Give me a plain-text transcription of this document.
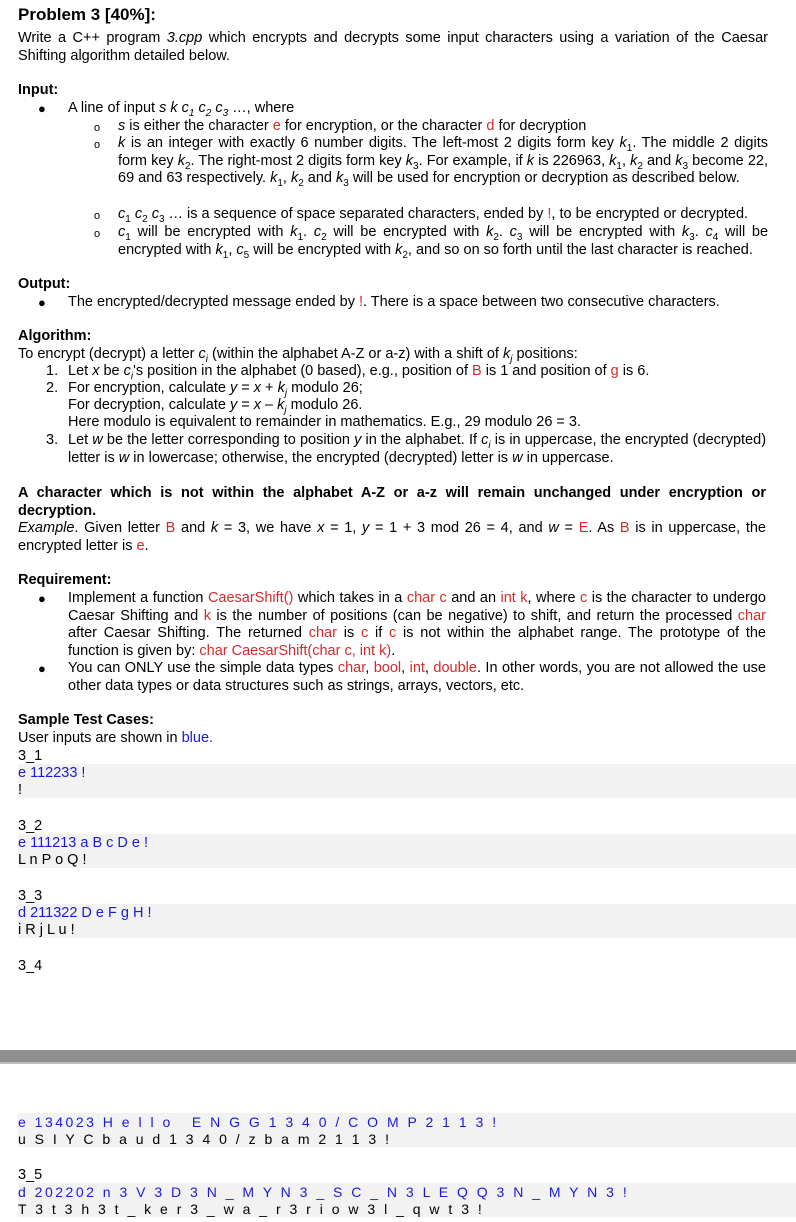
Problem 3 [40%]:
Write a C++ program 3.cpp which encrypts and decrypts some input characters using a variation of the Caesar Shifting algorithm detailed below.
Input:
● A line of input s k $c_1$ $c_2$ $c_3$ …, where
o s is either the character e for encryption, or the character d for decryption
o k is an integer with exactly 6 number digits. The left-most 2 digits form key $k_1$. The middle 2 digits form key $k_2$. The right-most 2 digits form key $k_3$. For example, if k is 226963, $k_1$, $k_2$ and $k_3$ become 22, 69 and 63 respectively. $k_1$, $k_2$ and $k_3$ will be used for encryption or decryption as described below.
o $c_1$ $c_2$ $c_3$ … is a sequence of space separated characters, ended by !, to be encrypted or decrypted.
o $c_1$ will be encrypted with $k_1$. $c_2$ will be encrypted with $k_2$. $c_3$ will be encrypted with $k_3$. $c_4$ will be encrypted with $k_1$, $c_5$ will be encrypted with $k_2$, and so on so forth until the last character is reached.
Output:
● The encrypted/decrypted message ended by !. There is a space between two consecutive characters.
Algorithm:
To encrypt (decrypt) a letter $c_i$ (within the alphabet A-Z or a-z) with a shift of $k_j$ positions:
1. Let x be $c_i's$ position in the alphabet (0 based), e.g., position of B is 1 and position of g is 6.
2. For encryption, calculate $y = x + k_j$ modulo 26;
For decryption, calculate $y = x - k_j$ modulo 26.
Here modulo is equivalent to remainder in mathematics. E.g., 29 modulo 26 = 3.
3. Let w be the letter corresponding to position y in the alphabet. If $c_i$ is in uppercase, the encrypted (decrypted) letter is w in lowercase; otherwise, the encrypted (decrypted) letter is w in uppercase.
A character which is not within the alphabet A-Z or a-z will remain unchanged under encryption or decryption.
Example. Given letter B and k = 3, we have x = 1, y = 1 + 3 mod 26 = 4, and w = E. As B is in uppercase, the encrypted letter is e.
Requirement:
● Implement a function CaesarShift() which takes in a char c and an int k, where c is the character to undergo Caesar Shifting and k is the number of positions (can be negative) to shift, and return the processed char after Caesar Shifting. The returned char is c if c is not within the alphabet range. The prototype of the function is given by: char CaesarShift(char c, int k).
● You can ONLY use the simple data types char, bool, int, double. In other words, you are not allowed the use other data types or data structures such as strings, arrays, vectors, etc.
Sample Test Cases:
User inputs are shown in blue.
3_1
e 112233 !
!
3_2
e 111213 a B c D e !
L n P o Q !
3_3
d 211322 D e F g H !
i R j L u !
3_4
e 134023 H e l l o   E N G G 1 3 4 0 / C O M P 2 1 1 3 !
u S I Y C b a u d 1 3 4 0 / z b a m 2 1 1 3 !
3_5
d 202202 n 3 V 3 D 3 N _ M Y N 3 _ S C _ N 3 L E Q Q 3 N _ M Y N 3 !
T 3 t 3 h 3 t _ k e r 3 _ w a _ r 3 r i o w 3 l _ q w t 3 !
